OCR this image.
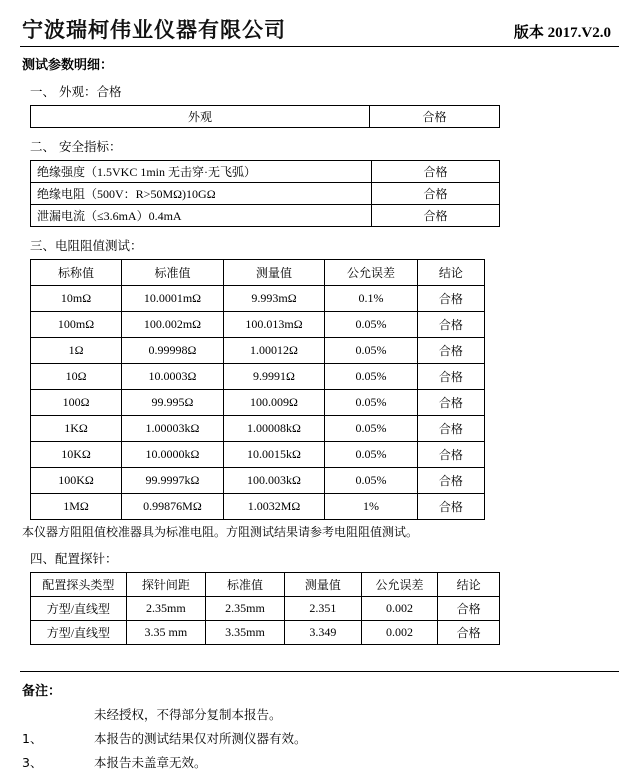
宁波瑞柯伟业仪器有限公司	版本 2017.V2.0
测试参数明细：
一、 外观：合格
外观	合格
二、 安全指标：
绝缘强度（1.5VKC 1min 无击穿·无飞弧）	合格
绝缘电阻（500V：R>50MΩ)10GΩ	合格
泄漏电流（≤3.6mA）0.4mA	合格
三、电阻阻值测试：
标称值	标准值	测量值	公允误差	结论
10mΩ	10.0001mΩ	9.993mΩ	0.1%	合格
100mΩ	100.002mΩ	100.013mΩ	0.05%	合格
1Ω	0.99998Ω	1.00012Ω	0.05%	合格
10Ω	10.0003Ω	9.9991Ω	0.05%	合格
100Ω	99.995Ω	100.009Ω	0.05%	合格
1KΩ	1.00003kΩ	1.00008kΩ	0.05%	合格
10KΩ	10.0000kΩ	10.0015kΩ	0.05%	合格
100KΩ	99.9997kΩ	100.003kΩ	0.05%	合格
1MΩ	0.99876MΩ	1.0032MΩ	1%	合格
本仪器方阻阻值校准器具为标准电阻。方阻测试结果请参考电阻阻值测试。
四、配置探针：
配置探头类型	探针间距	标准值	测量值	公允误差	结论
方型/直线型	2.35mm	2.35mm	2.351	0.002	合格
方型/直线型	3.35 mm	3.35mm	3.349	0.002	合格
备注：
未经授权，不得部分复制本报告。
1、	本报告的测试结果仅对所测仪器有效。
3、	本报告未盖章无效。
